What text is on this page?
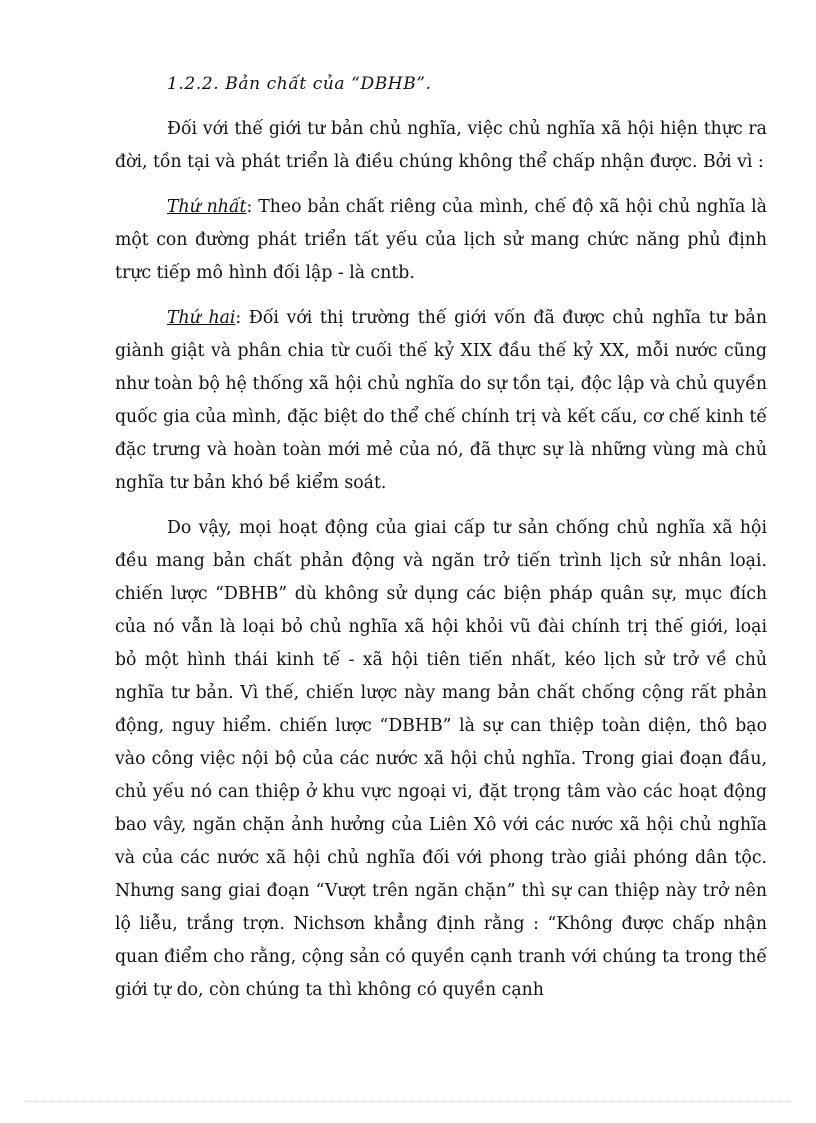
1.2.2. Bản chất của “DBHB”.

Đối với thế giới tư bản chủ nghĩa, việc chủ nghĩa xã hội hiện thực ra đời, tồn tại và phát triển là điều chúng không thể chấp nhận được. Bởi vì :

Thứ nhất: Theo bản chất riêng của mình, chế độ xã hội chủ nghĩa là một con đường phát triển tất yếu của lịch sử mang chức năng phủ định trực tiếp mô hình đối lập - là cntb.

Thứ hai: Đối với thị trường thế giới vốn đã được chủ nghĩa tư bản giành giật và phân chia từ cuối thế kỷ XIX đầu thế kỷ XX, mỗi nước cũng như toàn bộ hệ thống xã hội chủ nghĩa do sự tồn tại, độc lập và chủ quyền quốc gia của mình, đặc biệt do thể chế chính trị và kết cấu, cơ chế kinh tế đặc trưng và hoàn toàn mới mẻ của nó, đã thực sự là những vùng mà chủ nghĩa tư bản khó bề kiểm soát.

Do vậy, mọi hoạt động của giai cấp tư sản chống chủ nghĩa xã hội đều mang bản chất phản động và ngăn trở tiến trình lịch sử nhân loại. chiến lược “DBHB” dù không sử dụng các biện pháp quân sự, mục đích của nó vẫn là loại bỏ chủ nghĩa xã hội khỏi vũ đài chính trị thế giới, loại bỏ một hình thái kinh tế - xã hội tiên tiến nhất, kéo lịch sử trở về chủ nghĩa tư bản. Vì thế, chiến lược này mang bản chất chống cộng rất phản động, nguy hiểm. chiến lược “DBHB” là sự can thiệp toàn diện, thô bạo vào công việc nội bộ của các nước xã hội chủ nghĩa. Trong giai đoạn đầu, chủ yếu nó can thiệp ở khu vực ngoại vi, đặt trọng tâm vào các hoạt động bao vây, ngăn chặn ảnh hưởng của Liên Xô với các nước xã hội chủ nghĩa và của các nước xã hội chủ nghĩa đối với phong trào giải phóng dân tộc. Nhưng sang giai đoạn “Vượt trên ngăn chặn” thì sự can thiệp này trở nên lộ liễu, trắng trợn. Nichsơn khẳng định rằng : “Không được chấp nhận quan điểm cho rằng, cộng sản có quyền cạnh tranh với chúng ta trong thế giới tự do, còn chúng ta thì không có quyền cạnh
